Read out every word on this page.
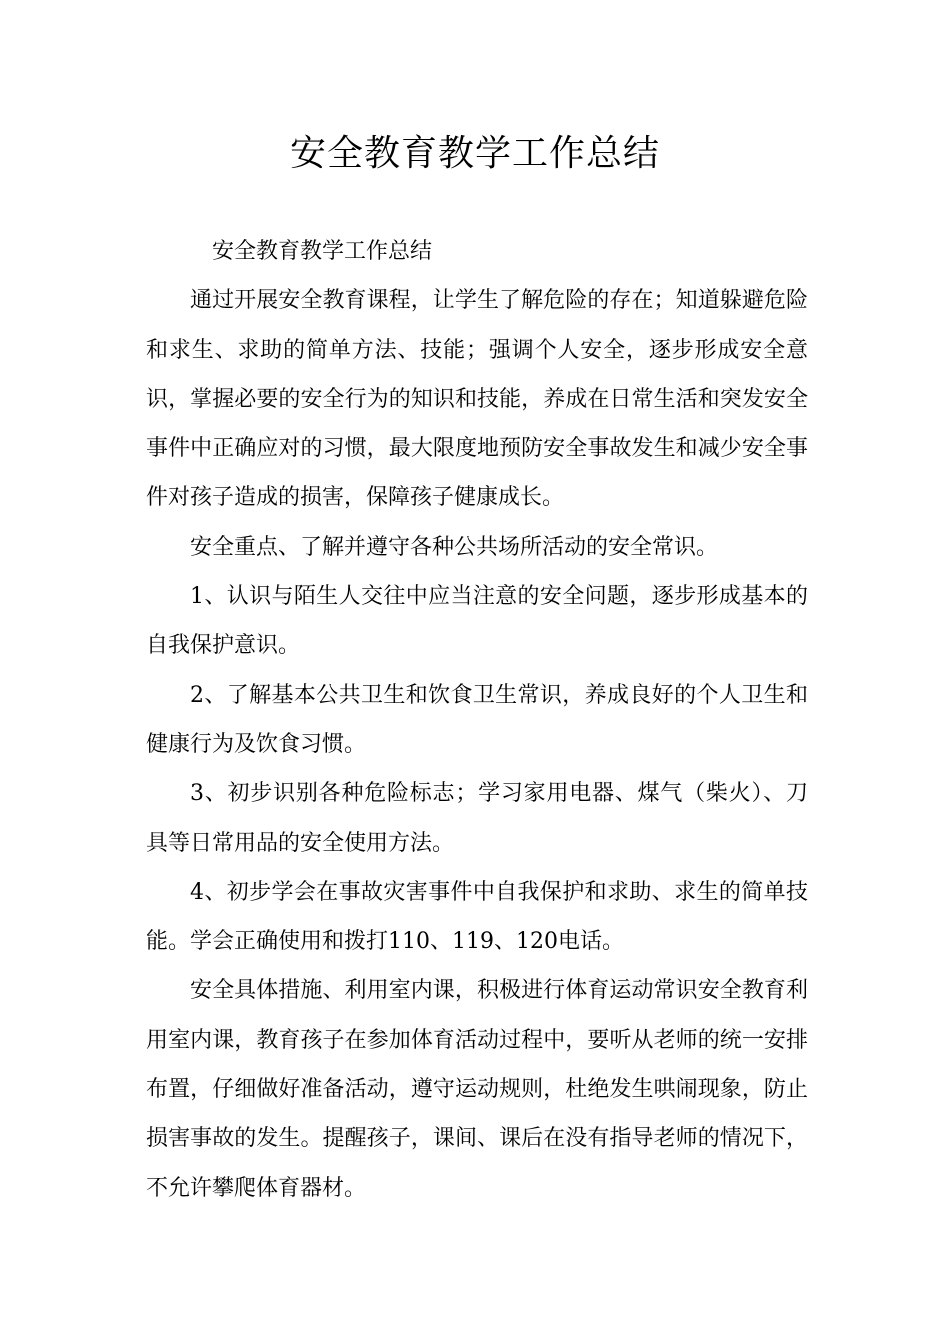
安全教育教学工作总结

安全教育教学工作总结

通过开展安全教育课程，让学生了解危险的存在；知道躲避危险和求生、求助的简单方法、技能；强调个人安全，逐步形成安全意识，掌握必要的安全行为的知识和技能，养成在日常生活和突发安全事件中正确应对的习惯，最大限度地预防安全事故发生和减少安全事件对孩子造成的损害，保障孩子健康成长。

安全重点、了解并遵守各种公共场所活动的安全常识。

1、认识与陌生人交往中应当注意的安全问题，逐步形成基本的自我保护意识。

2、了解基本公共卫生和饮食卫生常识，养成良好的个人卫生和健康行为及饮食习惯。

3、初步识别各种危险标志；学习家用电器、煤气（柴火）、刀具等日常用品的安全使用方法。

4、初步学会在事故灾害事件中自我保护和求助、求生的简单技能。学会正确使用和拨打110、119、120电话。

安全具体措施、利用室内课，积极进行体育运动常识安全教育利用室内课，教育孩子在参加体育活动过程中，要听从老师的统一安排布置，仔细做好准备活动，遵守运动规则，杜绝发生哄闹现象，防止损害事故的发生。提醒孩子，课间、课后在没有指导老师的情况下，不允许攀爬体育器材。
